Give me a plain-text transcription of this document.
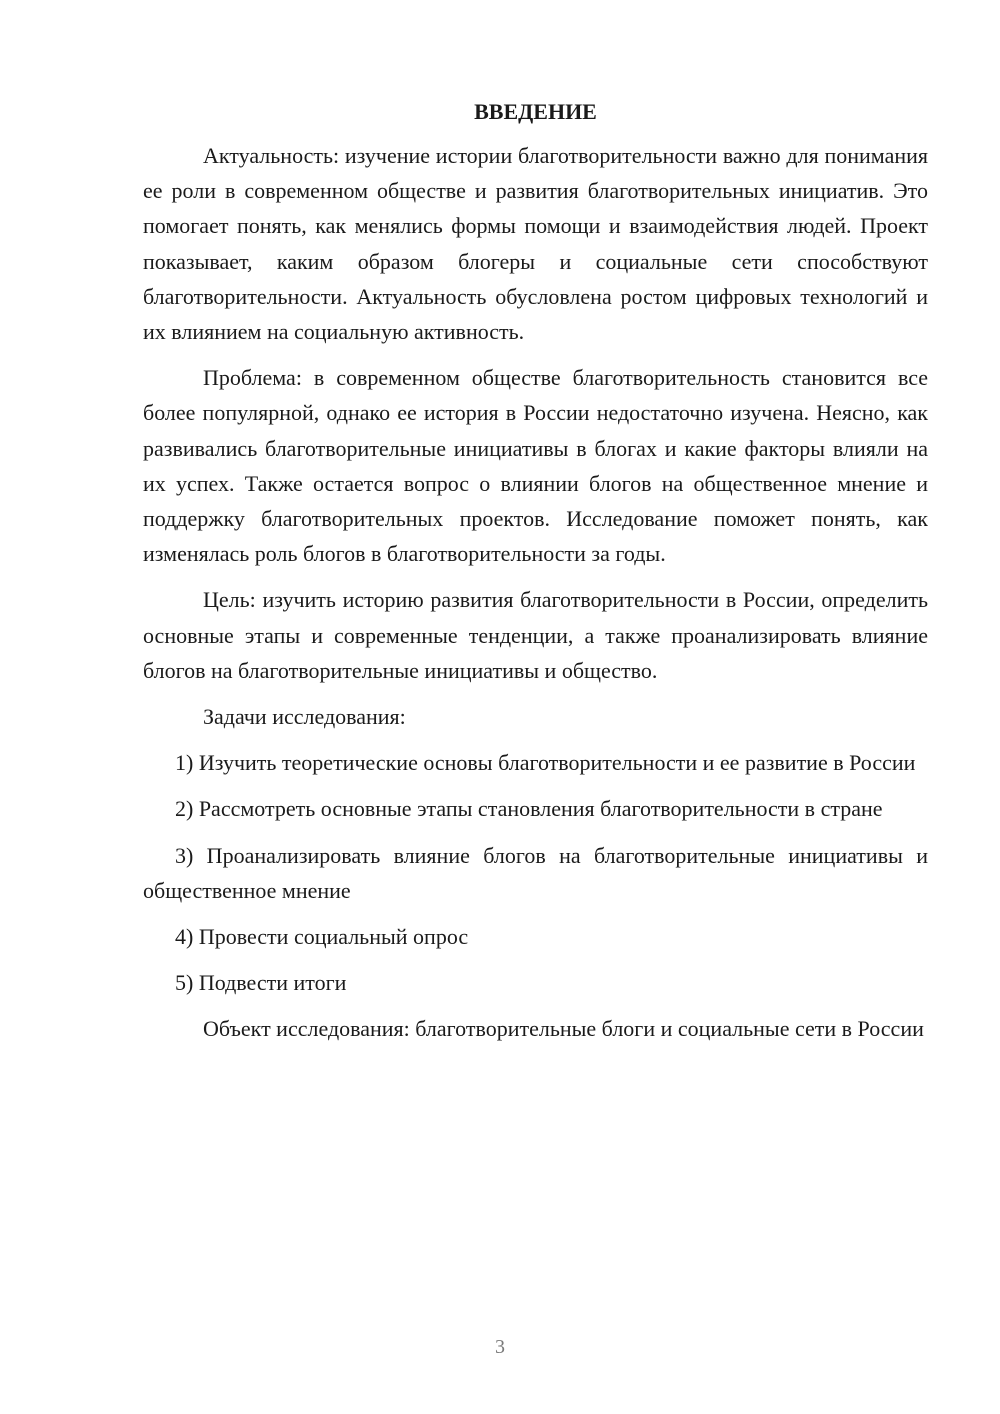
ВВЕДЕНИЕ

Актуальность: изучение истории благотворительности важно для понимания ее роли в современном обществе и развития благотворительных инициатив. Это помогает понять, как менялись формы помощи и взаимодействия людей. Проект показывает, каким образом блогеры и социальные сети способствуют благотворительности. Актуальность обусловлена ростом цифровых технологий и их влиянием на социальную активность.

Проблема: в современном обществе благотворительность становится все более популярной, однако ее история в России недостаточно изучена. Неясно, как развивались благотворительные инициативы в блогах и какие факторы влияли на их успех. Также остается вопрос о влиянии блогов на общественное мнение и поддержку благотворительных проектов. Исследование поможет понять, как изменялась роль блогов в благотворительности за годы.

Цель: изучить историю развития благотворительности в России, определить основные этапы и современные тенденции, а также проанализировать влияние блогов на благотворительные инициативы и общество.

Задачи исследования:

1) Изучить теоретические основы благотворительности и ее развитие в России

2) Рассмотреть основные этапы становления благотворительности в стране

3) Проанализировать влияние блогов на благотворительные инициативы и общественное мнение

4) Провести социальный опрос

5) Подвести итоги

Объект исследования: благотворительные блоги и социальные сети в России

3
